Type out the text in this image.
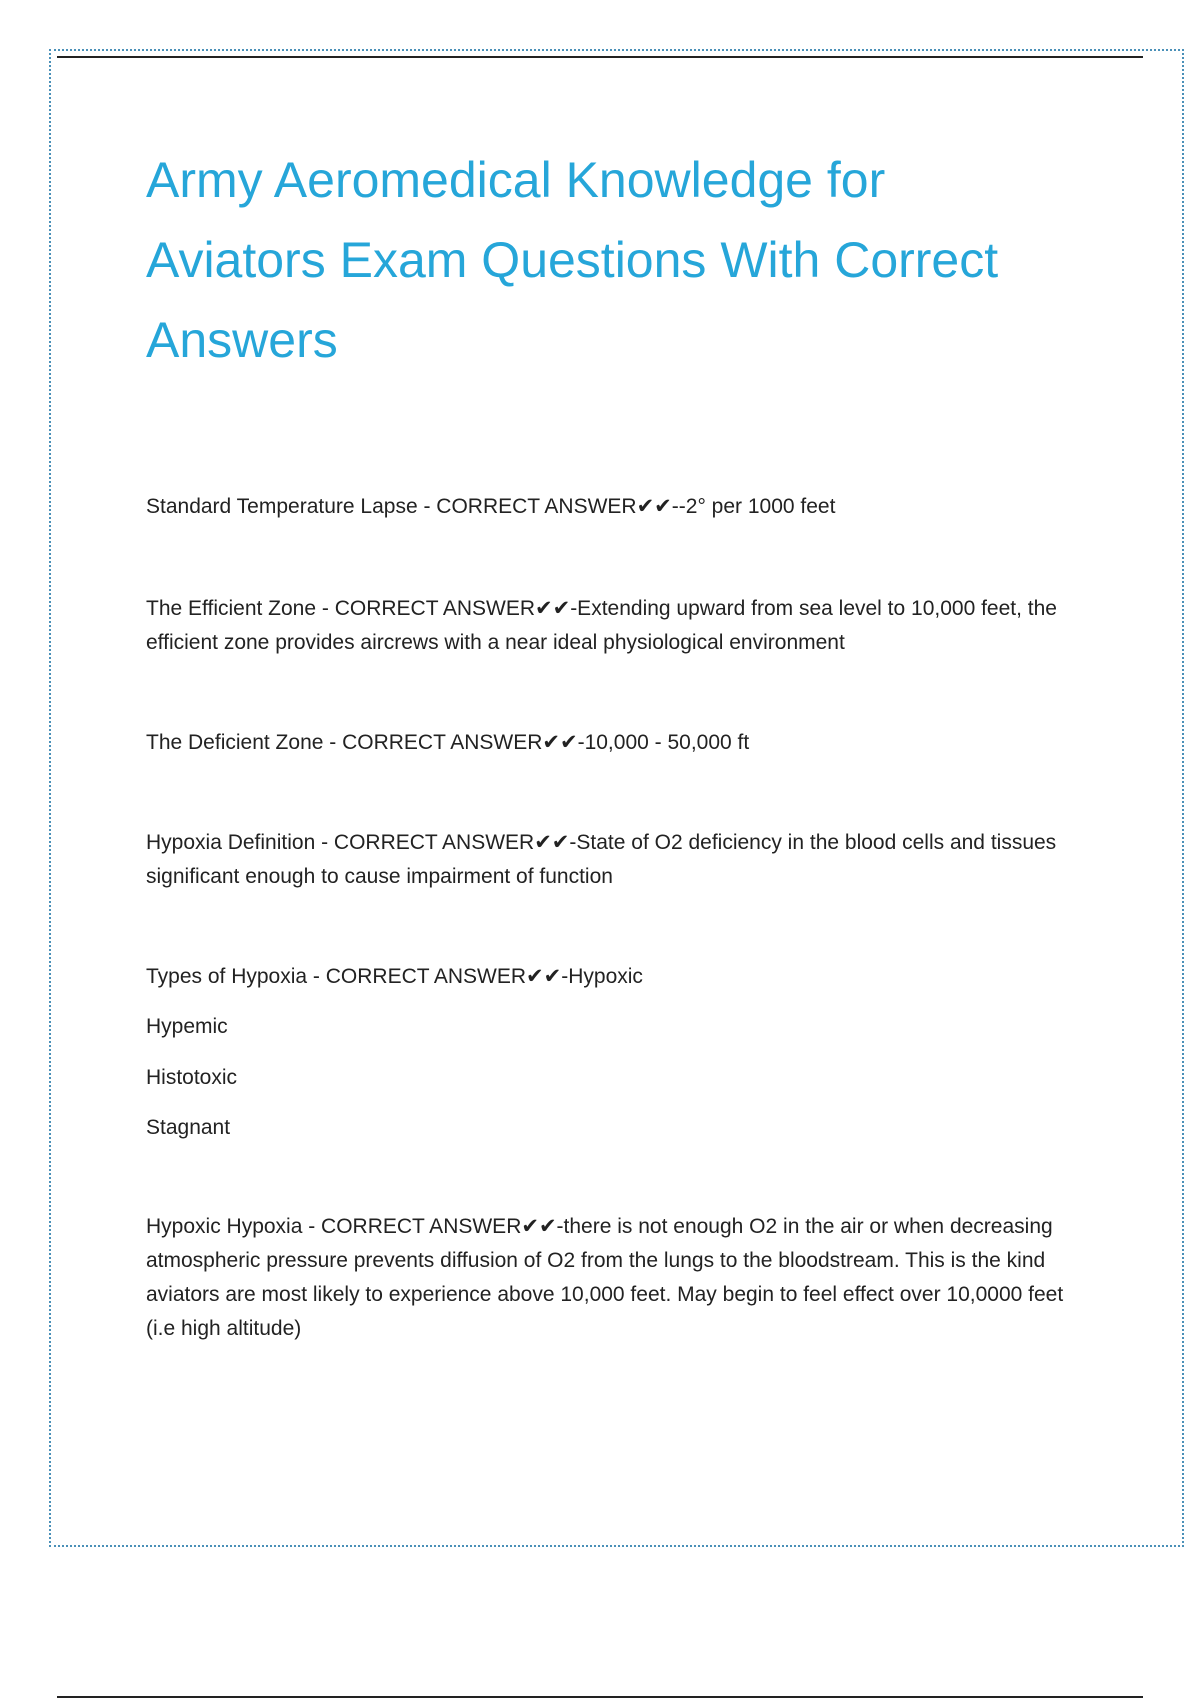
Army Aeromedical Knowledge for Aviators Exam Questions With Correct Answers

Standard Temperature Lapse - CORRECT ANSWER✔✔--2° per 1000 feet

The Efficient Zone - CORRECT ANSWER✔✔-Extending upward from sea level to 10,000 feet, the efficient zone provides aircrews with a near ideal physiological environment

The Deficient Zone - CORRECT ANSWER✔✔-10,000 - 50,000 ft

Hypoxia Definition - CORRECT ANSWER✔✔-State of O2 deficiency in the blood cells and tissues significant enough to cause impairment of function

Types of Hypoxia - CORRECT ANSWER✔✔-Hypoxic

Hypemic

Histotoxic

Stagnant

Hypoxic Hypoxia - CORRECT ANSWER✔✔-there is not enough O2 in the air or when decreasing atmospheric pressure prevents diffusion of O2 from the lungs to the bloodstream. This is the kind aviators are most likely to experience above 10,000 feet. May begin to feel effect over 10,0000 feet (i.e high altitude)
